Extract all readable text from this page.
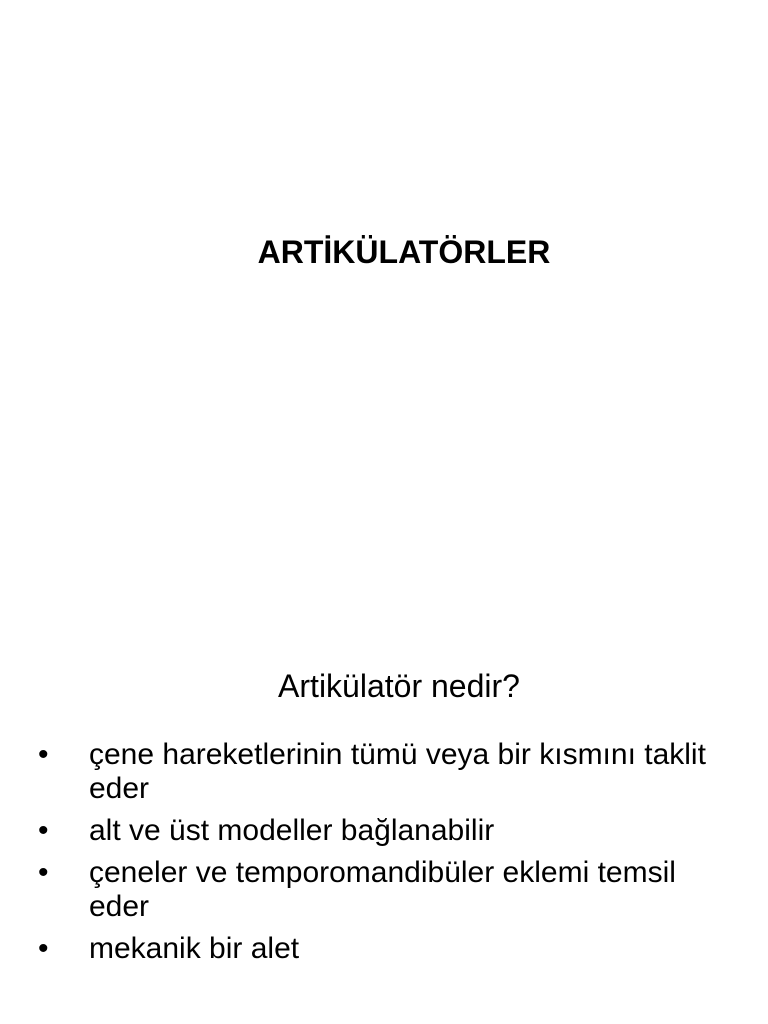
ARTİKÜLATÖRLER
Artikülatör nedir?
• çene hareketlerinin tümü veya bir kısmını taklit eder
• alt ve üst modeller bağlanabilir
• çeneler ve temporomandibüler eklemi temsil eder
• mekanik bir alet
